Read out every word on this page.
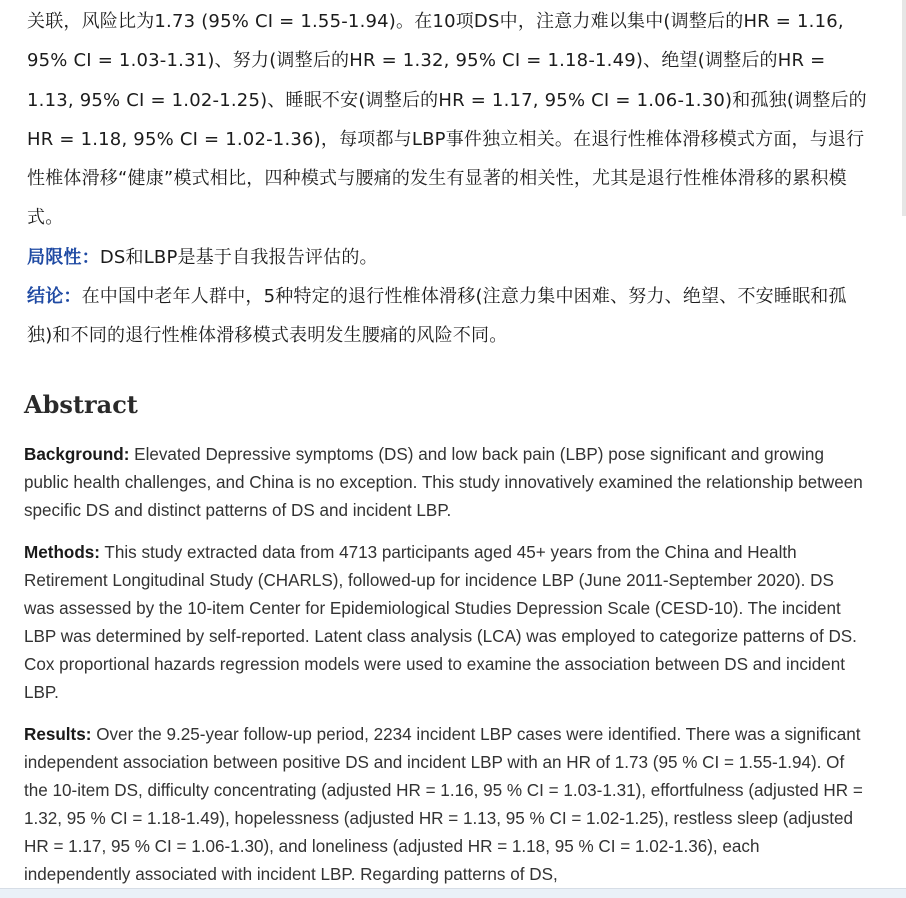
关联，风险比为1.73 (95% CI = 1.55-1.94)。在10项DS中，注意力难以集中(调整后的HR = 1.16, 95% CI = 1.03-1.31)、努力(调整后的HR = 1.32, 95% CI = 1.18-1.49)、绝望(调整后的HR = 1.13, 95% CI = 1.02-1.25)、睡眠不安(调整后的HR = 1.17, 95% CI = 1.06-1.30)和孤独(调整后的HR = 1.18, 95% CI = 1.02-1.36)，每项都与LBP事件独立相关。在退行性椎体滑移模式方面，与退行性椎体滑移“健康”模式相比，四种模式与腰痛的发生有显著的相关性，尤其是退行性椎体滑移的累积模式。

局限性：DS和LBP是基于自我报告评估的。

结论：在中国中老年人群中，5种特定的退行性椎体滑移(注意力集中困难、努力、绝望、不安睡眠和孤独)和不同的退行性椎体滑移模式表明发生腰痛的风险不同。

Abstract

Background: Elevated Depressive symptoms (DS) and low back pain (LBP) pose significant and growing public health challenges, and China is no exception. This study innovatively examined the relationship between specific DS and distinct patterns of DS and incident LBP.

Methods: This study extracted data from 4713 participants aged 45+ years from the China and Health Retirement Longitudinal Study (CHARLS), followed-up for incidence LBP (June 2011-September 2020). DS was assessed by the 10-item Center for Epidemiological Studies Depression Scale (CESD-10). The incident LBP was determined by self-reported. Latent class analysis (LCA) was employed to categorize patterns of DS. Cox proportional hazards regression models were used to examine the association between DS and incident LBP.

Results: Over the 9.25-year follow-up period, 2234 incident LBP cases were identified. There was a significant independent association between positive DS and incident LBP with an HR of 1.73 (95 % CI = 1.55-1.94). Of the 10-item DS, difficulty concentrating (adjusted HR = 1.16, 95 % CI = 1.03-1.31), effortfulness (adjusted HR = 1.32, 95 % CI = 1.18-1.49), hopelessness (adjusted HR = 1.13, 95 % CI = 1.02-1.25), restless sleep (adjusted HR = 1.17, 95 % CI = 1.06-1.30), and loneliness (adjusted HR = 1.18, 95 % CI = 1.02-1.36), each independently associated with incident LBP. Regarding patterns of DS,
